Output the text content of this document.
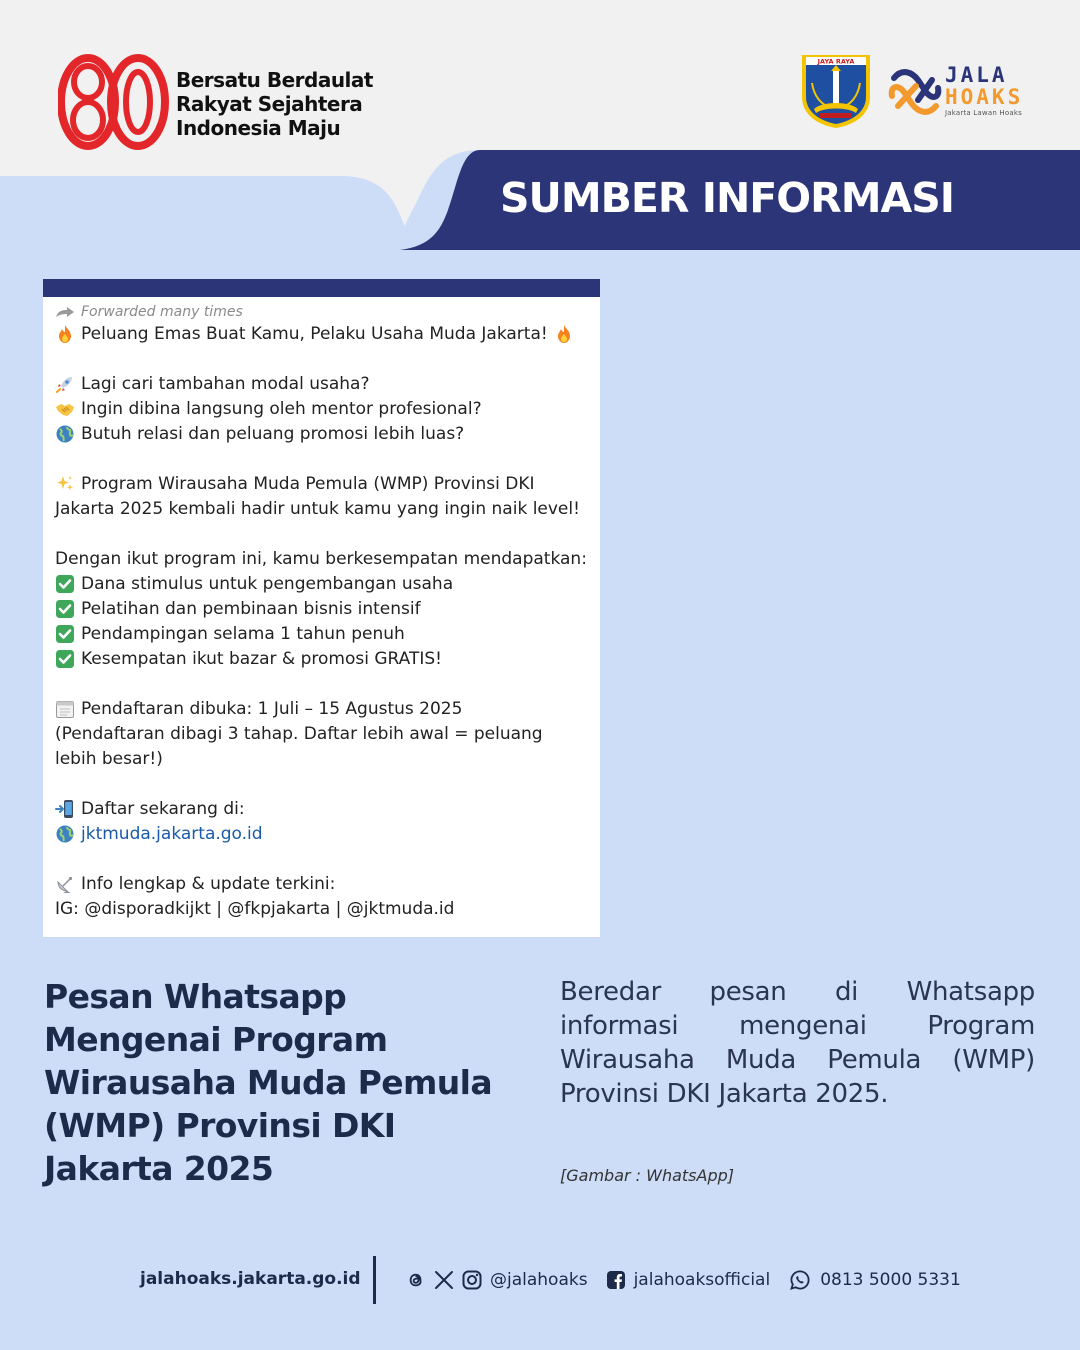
Bersatu Berdaulat
Rakyat Sejahtera
Indonesia Maju
JAYA RAYA
JALA
HOAKS
Jakarta Lawan Hoaks
SUMBER INFORMASI
Forwarded many times
Peluang Emas Buat Kamu, Pelaku Usaha Muda Jakarta!
Lagi cari tambahan modal usaha?
Ingin dibina langsung oleh mentor profesional?
Butuh relasi dan peluang promosi lebih luas?
Program Wirausaha Muda Pemula (WMP) Provinsi DKI
Jakarta 2025 kembali hadir untuk kamu yang ingin naik level!
Dengan ikut program ini, kamu berkesempatan mendapatkan:
Dana stimulus untuk pengembangan usaha
Pelatihan dan pembinaan bisnis intensif
Pendampingan selama 1 tahun penuh
Kesempatan ikut bazar & promosi GRATIS!
Pendaftaran dibuka: 1 Juli – 15 Agustus 2025
(Pendaftaran dibagi 3 tahap. Daftar lebih awal = peluang lebih besar!)
Daftar sekarang di:
jktmuda.jakarta.go.id
Info lengkap & update terkini:
IG: @disporadkijkt | @fkpjakarta | @jktmuda.id
Pesan Whatsapp Mengenai Program Wirausaha Muda Pemula (WMP) Provinsi DKI Jakarta 2025
Beredar pesan di Whatsapp informasi mengenai Program Wirausaha Muda Pemula (WMP) Provinsi DKI Jakarta 2025.
[Gambar : WhatsApp]
jalahoaks.jakarta.go.id	@jalahoaks	jalahoaksofficial	0813 5000 5331
